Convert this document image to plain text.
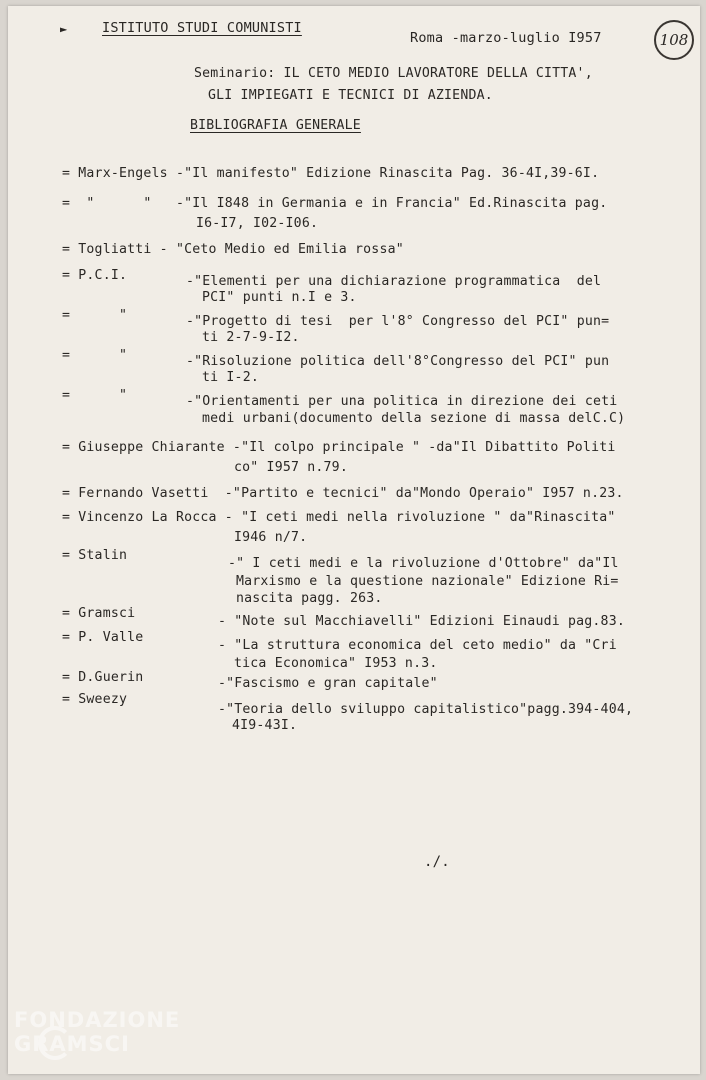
►	ISTITUTO STUDI COMUNISTI
Roma -marzo-luglio I957	108
Seminario: IL CETO MEDIO LAVORATORE DELLA CITTA',
GLI IMPIEGATI E TECNICI DI AZIENDA.
BIBLIOGRAFIA GENERALE
= Marx-Engels -"Il manifesto" Edizione Rinascita Pag. 36-4I,39-6I.
=  "      "   -"Il I848 in Germania e in Francia" Ed.Rinascita pag.
I6-I7, I02-I06.
= Togliatti - "Ceto Medio ed Emilia rossa"
= P.C.I.	-"Elementi per una dichiarazione programmatica  del
PCI" punti n.I e 3.
=      "	-"Progetto di tesi  per l'8° Congresso del PCI" pun=
ti 2-7-9-I2.
=      "	-"Risoluzione politica dell'8°Congresso del PCI" pun
ti I-2.
=      "	-"Orientamenti per una politica in direzione dei ceti
medi urbani(documento della sezione di massa delC.C)
= Giuseppe Chiarante -"Il colpo principale " -da"Il Dibattito Politi
co" I957 n.79.
= Fernando Vasetti  -"Partito e tecnici" da"Mondo Operaio" I957 n.23.
= Vincenzo La Rocca - "I ceti medi nella rivoluzione " da"Rinascita"
I946 n/7.
= Stalin
-" I ceti medi e la rivoluzione d'Ottobre" da"Il
Marxismo e la questione nazionale" Edizione Ri=
nascita pagg. 263.
= Gramsci
- "Note sul Macchiavelli" Edizioni Einaudi pag.83.
= P. Valle
- "La struttura economica del ceto medio" da "Cri
tica Economica" I953 n.3.
= D.Guerin	-"Fascismo e gran capitale"
= Sweezy
-"Teoria dello sviluppo capitalistico"pagg.394-404,
4I9-43I.
./.
FONDAZIONE GRAMSCI
